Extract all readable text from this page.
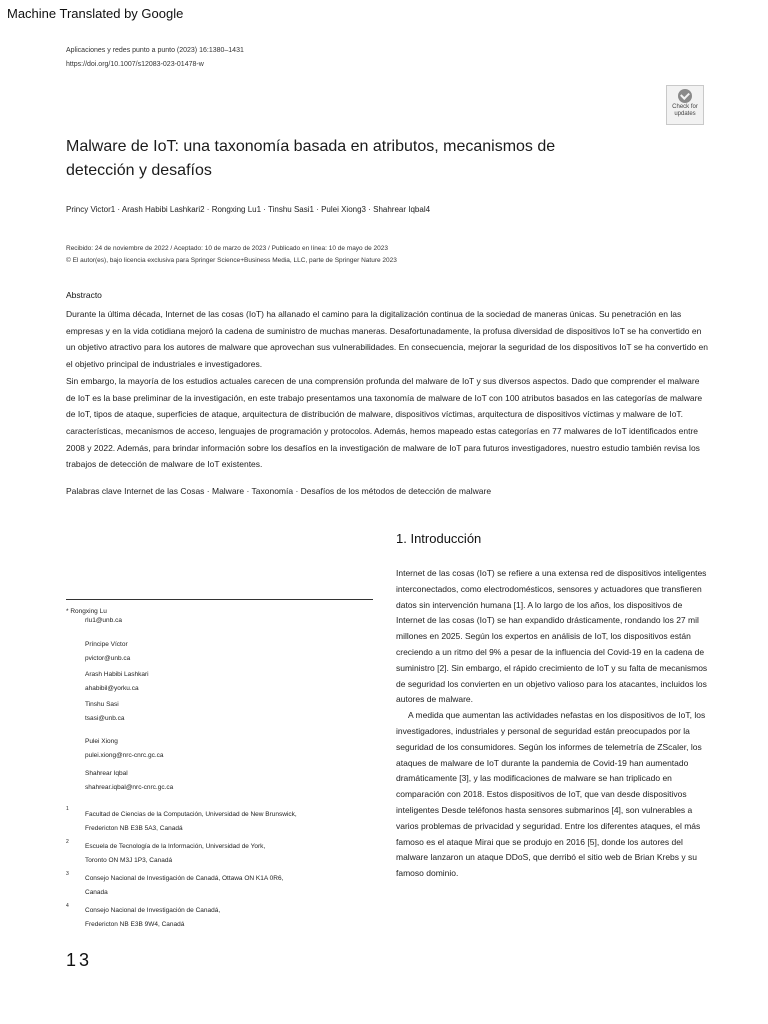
Machine Translated by Google
Aplicaciones y redes punto a punto (2023) 16:1380–1431
https://doi.org/10.1007/s12083-023-01478-w
Check for
updates
Malware de IoT: una taxonomía basada en atributos, mecanismos de detección y desafíos
Princy Victor1 · Arash Habibi Lashkari2 · Rongxing Lu1 · Tinshu Sasi1 · Pulei Xiong3 · Shahrear Iqbal4
Recibido: 24 de noviembre de 2022 / Aceptado: 10 de marzo de 2023 / Publicado en línea: 10 de mayo de 2023
© El autor(es), bajo licencia exclusiva para Springer Science+Business Media, LLC, parte de Springer Nature 2023
Abstracto

Durante la última década, Internet de las cosas (IoT) ha allanado el camino para la digitalización continua de la sociedad de maneras únicas. Su penetración en las empresas y en la vida cotidiana mejoró la cadena de suministro de muchas maneras. Desafortunadamente, la profusa diversidad de dispositivos IoT se ha convertido en un objetivo atractivo para los autores de malware que aprovechan sus vulnerabilidades. En consecuencia, mejorar la seguridad de los dispositivos IoT se ha convertido en el objetivo principal de industriales e investigadores.

Sin embargo, la mayoría de los estudios actuales carecen de una comprensión profunda del malware de IoT y sus diversos aspectos. Dado que comprender el malware de IoT es la base preliminar de la investigación, en este trabajo presentamos una taxonomía de malware de IoT con 100 atributos basados en las categorías de malware de IoT, tipos de ataque, superficies de ataque, arquitectura de distribución de malware, dispositivos víctimas, arquitectura de dispositivos víctimas y malware de IoT. características, mecanismos de acceso, lenguajes de programación y protocolos. Además, hemos mapeado estas categorías en 77 malwares de IoT identificados entre 2008 y 2022. Además, para brindar información sobre los desafíos en la investigación de malware de IoT para futuros investigadores, nuestro estudio también revisa los trabajos de detección de malware de IoT existentes.

Palabras clave Internet de las Cosas · Malware · Taxonomía · Desafíos de los métodos de detección de malware
1. Introducción

Internet de las cosas (IoT) se refiere a una extensa red de dispositivos inteligentes interconectados, como electrodomésticos, sensores y actuadores que transfieren datos sin intervención humana [1]. A lo largo de los años, los dispositivos de Internet de las cosas (IoT) se han expandido drásticamente, rondando los 27 mil millones en 2025. Según los expertos en análisis de IoT, los dispositivos están creciendo a un ritmo del 9% a pesar de la influencia del Covid-19 en la cadena de suministro [2]. Sin embargo, el rápido crecimiento de IoT y su falta de mecanismos de seguridad los convierten en un objetivo valioso para los atacantes, incluidos los autores de malware.

A medida que aumentan las actividades nefastas en los dispositivos de IoT, los investigadores, industriales y personal de seguridad están preocupados por la seguridad de los consumidores. Según los informes de telemetría de ZScaler, los ataques de malware de IoT durante la pandemia de Covid-19 han aumentado dramáticamente [3], y las modificaciones de malware se han triplicado en comparación con 2018. Estos dispositivos de IoT, que van desde dispositivos inteligentes Desde teléfonos hasta sensores submarinos [4], son vulnerables a varios problemas de privacidad y seguridad. Entre los diferentes ataques, el más famoso es el ataque Mirai que se produjo en 2016 [5], donde los autores del malware lanzaron un ataque DDoS, que derribó el sitio web de Brian Krebs y su famoso dominio.

* Rongxing Lu
rlu1@unb.ca
Príncipe Víctor
pvictor@unb.ca
Arash Habibi Lashkari
ahabibil@yorku.ca
Tinshu Sasi
tsasi@unb.ca
Pulei Xiong
pulei.xiong@nrc-cnrc.gc.ca
Shahrear Iqbal
shahrear.iqbal@nrc-cnrc.gc.ca
1
Facultad de Ciencias de la Computación, Universidad de New Brunswick,
Fredericton NB E3B 5A3, Canadá
2
Escuela de Tecnología de la Información, Universidad de York,
Toronto ON M3J 1P3, Canadá
3
Consejo Nacional de Investigación de Canadá, Ottawa ON K1A 0R6,
Canada
4
Consejo Nacional de Investigación de Canadá,
Fredericton NB E3B 9W4, Canadá
13
